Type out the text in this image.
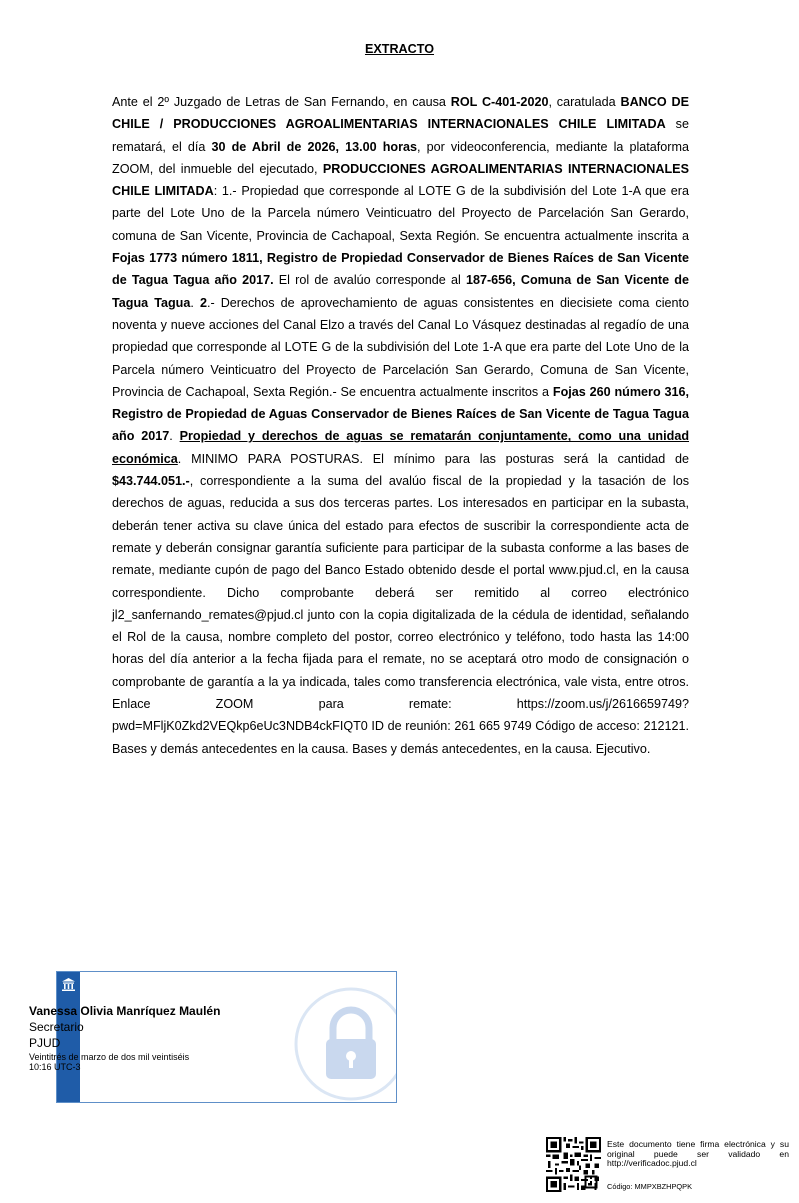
EXTRACTO
Ante el 2º Juzgado de Letras de San Fernando, en causa ROL C-401-2020, caratulada BANCO DE CHILE / PRODUCCIONES AGROALIMENTARIAS INTERNACIONALES CHILE LIMITADA se rematará, el día 30 de Abril de 2026, 13.00 horas, por videoconferencia, mediante la plataforma ZOOM, del inmueble del ejecutado, PRODUCCIONES AGROALIMENTARIAS INTERNACIONALES CHILE LIMITADA: 1.- Propiedad que corresponde al LOTE G de la subdivisión del Lote 1-A que era parte del Lote Uno de la Parcela número Veinticuatro del Proyecto de Parcelación San Gerardo, comuna de San Vicente, Provincia de Cachapoal, Sexta Región. Se encuentra actualmente inscrita a Fojas 1773 número 1811, Registro de Propiedad Conservador de Bienes Raíces de San Vicente de Tagua Tagua año 2017. El rol de avalúo corresponde al 187-656, Comuna de San Vicente de Tagua Tagua. 2.- Derechos de aprovechamiento de aguas consistentes en diecisiete coma ciento noventa y nueve acciones del Canal Elzo a través del Canal Lo Vásquez destinadas al regadío de una propiedad que corresponde al LOTE G de la subdivisión del Lote 1-A que era parte del Lote Uno de la Parcela número Veinticuatro del Proyecto de Parcelación San Gerardo, Comuna de San Vicente, Provincia de Cachapoal, Sexta Región.- Se encuentra actualmente inscritos a Fojas 260 número 316, Registro de Propiedad de Aguas Conservador de Bienes Raíces de San Vicente de Tagua Tagua año 2017. Propiedad y derechos de aguas se rematarán conjuntamente, como una unidad económica. MINIMO PARA POSTURAS. El mínimo para las posturas será la cantidad de $43.744.051.-, correspondiente a la suma del avalúo fiscal de la propiedad y la tasación de los derechos de aguas, reducida a sus dos terceras partes. Los interesados en participar en la subasta, deberán tener activa su clave única del estado para efectos de suscribir la correspondiente acta de remate y deberán consignar garantía suficiente para participar de la subasta conforme a las bases de remate, mediante cupón de pago del Banco Estado obtenido desde el portal www.pjud.cl, en la causa correspondiente. Dicho comprobante deberá ser remitido al correo electrónico jl2_sanfernando_remates@pjud.cl junto con la copia digitalizada de la cédula de identidad, señalando el Rol de la causa, nombre completo del postor, correo electrónico y teléfono, todo hasta las 14:00 horas del día anterior a la fecha fijada para el remate, no se aceptará otro modo de consignación o comprobante de garantía a la ya indicada, tales como transferencia electrónica, vale vista, entre otros. Enlace ZOOM para remate: https://zoom.us/j/2616659749?pwd=MFljK0Zkd2VEQkp6eUc3NDB4ckFIQT0 ID de reunión: 261 665 9749 Código de acceso: 212121. Bases y demás antecedentes en la causa. Bases y demás antecedentes, en la causa. Ejecutivo.
Vanessa Olivia Manríquez Maulén
Secretario
PJUD
Veintitrés de marzo de dos mil veintiséis
10:16 UTC-3
Este documento tiene firma electrónica y su original puede ser validado en http://verificadoc.pjud.cl
Código: MMPXBZHPQPK
